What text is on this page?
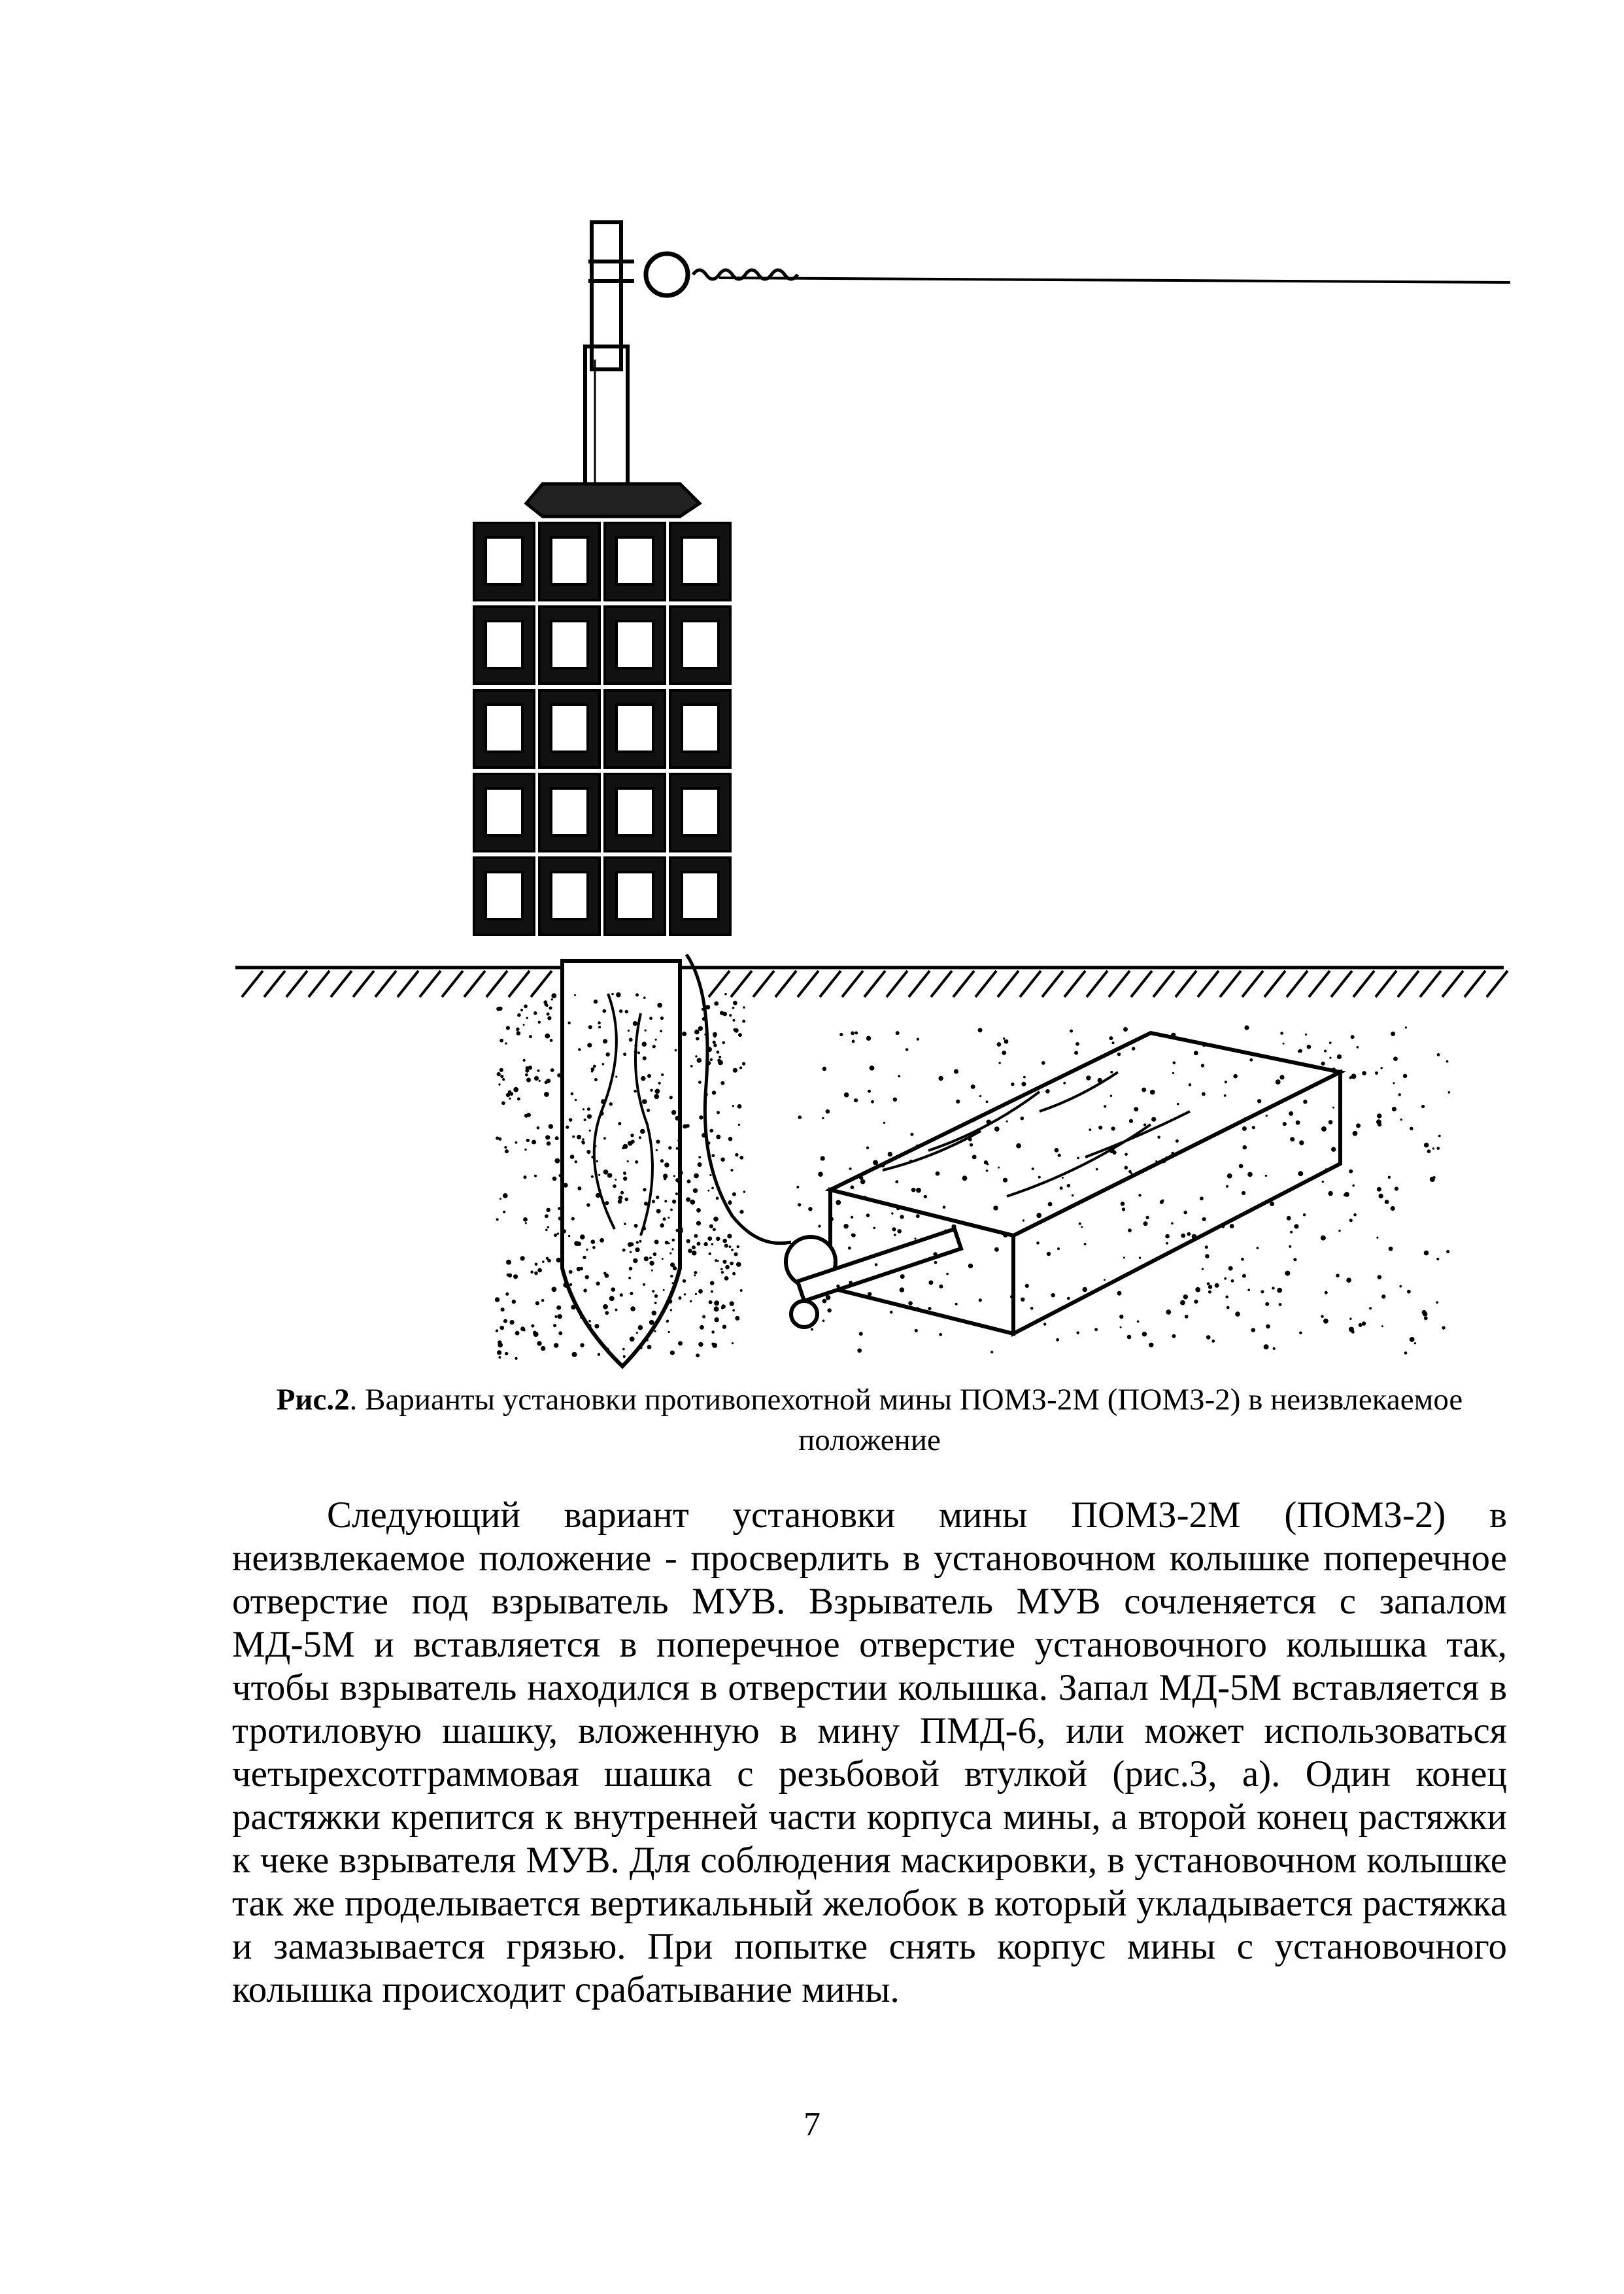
Рис.2. Варианты установки противопехотной мины ПОМЗ-2М (ПОМЗ-2) в неизвлекаемое положение

Следующий вариант установки мины ПОМЗ-2М (ПОМЗ-2) в неизвлекаемое положение - просверлить в установочном колышке поперечное отверстие под взрыватель МУВ. Взрыватель МУВ сочленяется с запалом МД-5М и вставляется в поперечное отверстие установочного колышка так, чтобы взрыватель находился в отверстии колышка. Запал МД-5М вставляется в тротиловую шашку, вложенную в мину ПМД-6, или может использоваться четырехсотграммовая шашка с резьбовой втулкой (рис.3, а). Один конец растяжки крепится к внутренней части корпуса мины, а второй конец растяжки к чеке взрывателя МУВ. Для соблюдения маскировки, в установочном колышке так же проделывается вертикальный желобок в который укладывается растяжка и замазывается грязью. При попытке снять корпус мины с установочного колышка происходит срабатывание мины.

7
